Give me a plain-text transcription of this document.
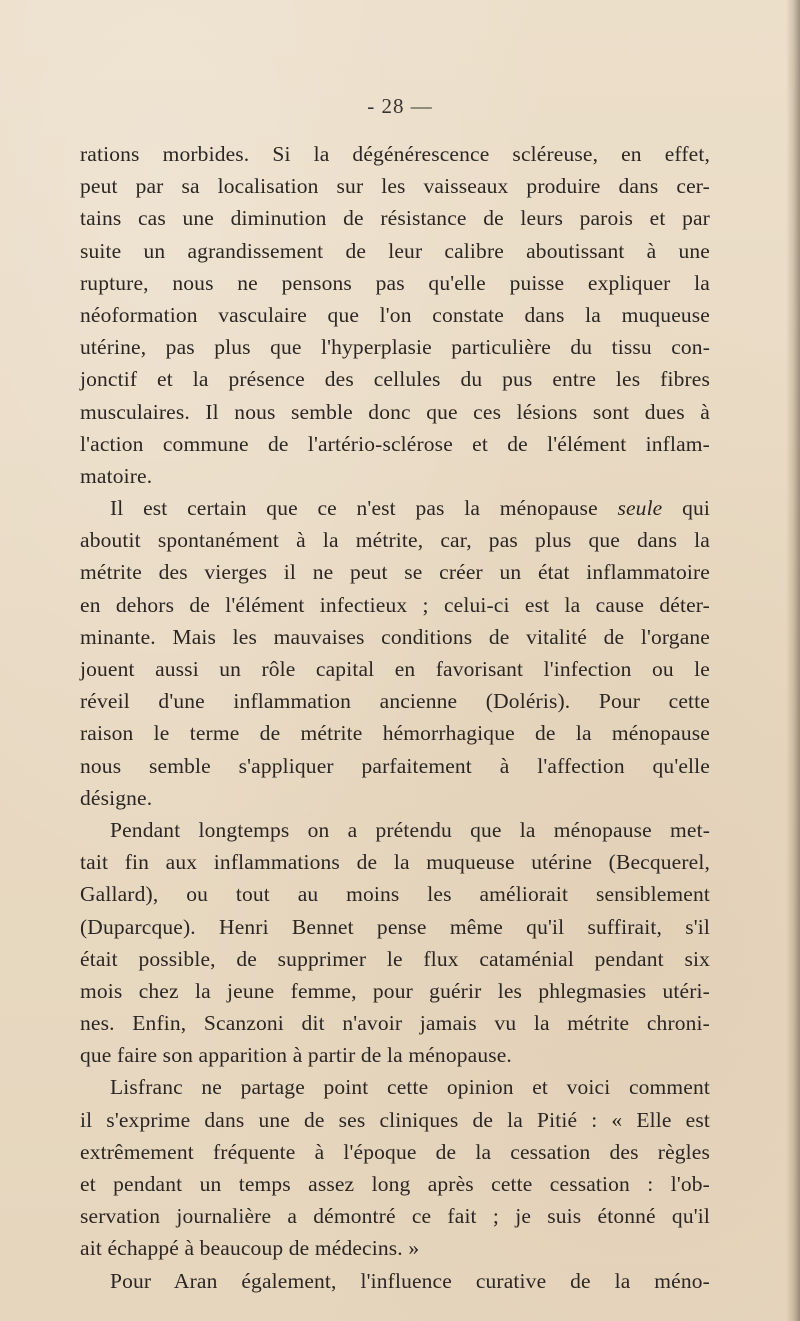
- 28 —
rations morbides. Si la dégénérescence scléreuse, en effet,
peut par sa localisation sur les vaisseaux produire dans cer-
tains cas une diminution de résistance de leurs parois et par
suite un agrandissement de leur calibre aboutissant à une
rupture, nous ne pensons pas qu'elle puisse expliquer la
néoformation vasculaire que l'on constate dans la muqueuse
utérine, pas plus que l'hyperplasie particulière du tissu con-
jonctif et la présence des cellules du pus entre les fibres
musculaires. Il nous semble donc que ces lésions sont dues à
l'action commune de l'artério-sclérose et de l'élément inflam-
matoire.
Il est certain que ce n'est pas la ménopause seule qui
aboutit spontanément à la métrite, car, pas plus que dans la
métrite des vierges il ne peut se créer un état inflammatoire
en dehors de l'élément infectieux ; celui-ci est la cause déter-
minante. Mais les mauvaises conditions de vitalité de l'organe
jouent aussi un rôle capital en favorisant l'infection ou le
réveil d'une inflammation ancienne (Doléris). Pour cette
raison le terme de métrite hémorrhagique de la ménopause
nous semble s'appliquer parfaitement à l'affection qu'elle
désigne.
Pendant longtemps on a prétendu que la ménopause met-
tait fin aux inflammations de la muqueuse utérine (Becquerel,
Gallard), ou tout au moins les améliorait sensiblement
(Duparcque). Henri Bennet pense même qu'il suffirait, s'il
était possible, de supprimer le flux cataménial pendant six
mois chez la jeune femme, pour guérir les phlegmasies utéri-
nes. Enfin, Scanzoni dit n'avoir jamais vu la métrite chroni-
que faire son apparition à partir de la ménopause.
Lisfranc ne partage point cette opinion et voici comment
il s'exprime dans une de ses cliniques de la Pitié : « Elle est
extrêmement fréquente à l'époque de la cessation des règles
et pendant un temps assez long après cette cessation : l'ob-
servation journalière a démontré ce fait ; je suis étonné qu'il
ait échappé à beaucoup de médecins. »
Pour Aran également, l'influence curative de la méno-
